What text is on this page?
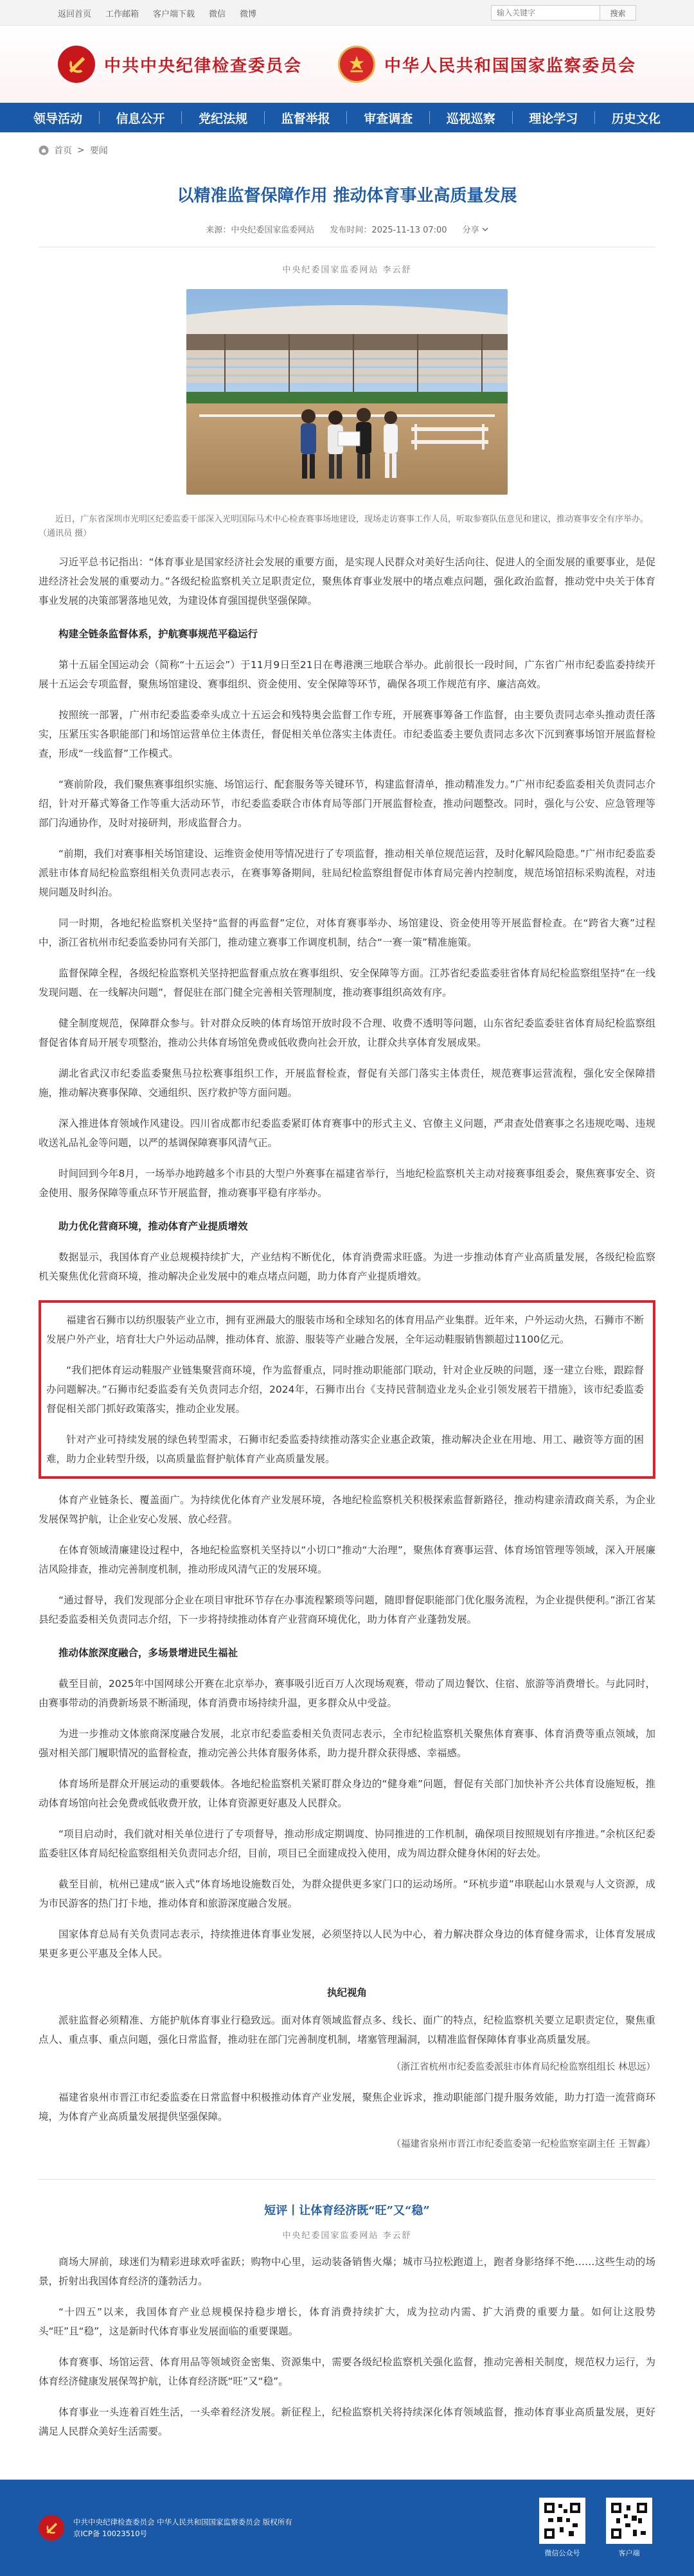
返回首页 工作邮箱 客户端下载 微信 微博
输入关键字	搜索
中共中央纪律检查委员会	中华人民共和国国家监察委员会
领导活动	信息公开	党纪法规	监督举报	审查调查	巡视巡察	理论学习	历史文化
首页 > 要闻
以精准监督保障作用 推动体育事业高质量发展
来源：中央纪委国家监委网站 发布时间：2025-11-13 07:00 分享
中央纪委国家监委网站 李云舒

近日，广东省深圳市光明区纪委监委干部深入光明国际马术中心检查赛事场地建设，现场走访赛事工作人员，听取参赛队伍意见和建议，推动赛事安全有序举办。（通讯员 摄）

习近平总书记指出：“体育事业是国家经济社会发展的重要方面，是实现人民群众对美好生活向往、促进人的全面发展的重要事业，是促进经济社会发展的重要动力。”各级纪检监察机关立足职责定位，聚焦体育事业发展中的堵点难点问题，强化政治监督，推动党中央关于体育事业发展的决策部署落地见效，为建设体育强国提供坚强保障。

构建全链条监督体系，护航赛事规范平稳运行

第十五届全国运动会（简称“十五运会”）于11月9日至21日在粤港澳三地联合举办。此前很长一段时间，广东省广州市纪委监委持续开展十五运会专项监督，聚焦场馆建设、赛事组织、资金使用、安全保障等环节，确保各项工作规范有序、廉洁高效。

按照统一部署，广州市纪委监委牵头成立十五运会和残特奥会监督工作专班，开展赛事筹备工作监督，由主要负责同志牵头推动责任落实，压紧压实各职能部门和场馆运营单位主体责任，督促相关单位落实主体责任。市纪委监委主要负责同志多次下沉到赛事场馆开展监督检查，形成“一线监督”工作模式。

“赛前阶段，我们聚焦赛事组织实施、场馆运行、配套服务等关键环节，构建监督清单，推动精准发力。”广州市纪委监委相关负责同志介绍，针对开幕式筹备工作等重大活动环节，市纪委监委联合市体育局等部门开展监督检查，推动问题整改。同时，强化与公安、应急管理等部门沟通协作，及时对接研判，形成监督合力。

“前期，我们对赛事相关场馆建设、运维资金使用等情况进行了专项监督，推动相关单位规范运营，及时化解风险隐患。”广州市纪委监委派驻市体育局纪检监察组相关负责同志表示，在赛事筹备期间，驻局纪检监察组督促市体育局完善内控制度，规范场馆招标采购流程，对违规问题及时纠治。

同一时期，各地纪检监察机关坚持“监督的再监督”定位，对体育赛事举办、场馆建设、资金使用等开展监督检查。在“跨省大赛”过程中，浙江省杭州市纪委监委协同有关部门，推动建立赛事工作调度机制，结合“一赛一策”精准施策。

监督保障全程，各级纪检监察机关坚持把监督重点放在赛事组织、安全保障等方面。江苏省纪委监委驻省体育局纪检监察组坚持“在一线发现问题、在一线解决问题”，督促驻在部门健全完善相关管理制度，推动赛事组织高效有序。

健全制度规范，保障群众参与。针对群众反映的体育场馆开放时段不合理、收费不透明等问题，山东省纪委监委驻省体育局纪检监察组督促省体育局开展专项整治，推动公共体育场馆免费或低收费向社会开放，让群众共享体育发展成果。

湖北省武汉市纪委监委聚焦马拉松赛事组织工作，开展监督检查，督促有关部门落实主体责任，规范赛事运营流程，强化安全保障措施，推动解决赛事保障、交通组织、医疗救护等方面问题。

深入推进体育领域作风建设。四川省成都市纪委监委紧盯体育赛事中的形式主义、官僚主义问题，严肃查处借赛事之名违规吃喝、违规收送礼品礼金等问题，以严的基调保障赛事风清气正。

时间回到今年8月，一场举办地跨越多个市县的大型户外赛事在福建省举行，当地纪检监察机关主动对接赛事组委会，聚焦赛事安全、资金使用、服务保障等重点环节开展监督，推动赛事平稳有序举办。

助力优化营商环境，推动体育产业提质增效

数据显示，我国体育产业总规模持续扩大，产业结构不断优化，体育消费需求旺盛。为进一步推动体育产业高质量发展，各级纪检监察机关聚焦优化营商环境，推动解决企业发展中的难点堵点问题，助力体育产业提质增效。

福建省石狮市以纺织服装产业立市，拥有亚洲最大的服装市场和全球知名的体育用品产业集群。近年来，户外运动火热，石狮市不断发展户外产业，培育壮大户外运动品牌，推动体育、旅游、服装等产业融合发展，全年运动鞋服销售额超过1100亿元。

“我们把体育运动鞋服产业链集聚营商环境，作为监督重点，同时推动职能部门联动，针对企业反映的问题，逐一建立台账，跟踪督办问题解决。”石狮市纪委监委有关负责同志介绍，2024年，石狮市出台《支持民营制造业龙头企业引领发展若干措施》，该市纪委监委督促相关部门抓好政策落实，推动企业发展。

针对产业可持续发展的绿色转型需求，石狮市纪委监委持续推动落实企业惠企政策，推动解决企业在用地、用工、融资等方面的困难，助力企业转型升级，以高质量监督护航体育产业高质量发展。

体育产业链条长、覆盖面广。为持续优化体育产业发展环境，各地纪检监察机关积极探索监督新路径，推动构建亲清政商关系，为企业发展保驾护航，让企业安心发展、放心经营。

在体育领域清廉建设过程中，各地纪检监察机关坚持以“小切口”推动“大治理”，聚焦体育赛事运营、体育场馆管理等领域，深入开展廉洁风险排查，推动完善制度机制，推动形成风清气正的发展环境。

“通过督导，我们发现部分企业在项目审批环节存在办事流程繁琐等问题，随即督促职能部门优化服务流程，为企业提供便利。”浙江省某县纪委监委相关负责同志介绍，下一步将持续推动体育产业营商环境优化，助力体育产业蓬勃发展。

推动体旅深度融合，多场景增进民生福祉

截至目前，2025年中国网球公开赛在北京举办，赛事吸引近百万人次现场观赛，带动了周边餐饮、住宿、旅游等消费增长。与此同时，由赛事带动的消费新场景不断涌现，体育消费市场持续升温，更多群众从中受益。

为进一步推动文体旅商深度融合发展，北京市纪委监委相关负责同志表示，全市纪检监察机关聚焦体育赛事、体育消费等重点领域，加强对相关部门履职情况的监督检查，推动完善公共体育服务体系，助力提升群众获得感、幸福感。

体育场所是群众开展运动的重要载体。各地纪检监察机关紧盯群众身边的“健身难”问题，督促有关部门加快补齐公共体育设施短板，推动体育场馆向社会免费或低收费开放，让体育资源更好惠及人民群众。

“项目启动时，我们就对相关单位进行了专项督导，推动形成定期调度、协同推进的工作机制，确保项目按照规划有序推进。”余杭区纪委监委驻区体育局纪检监察组相关负责同志介绍，目前，项目已全面建成投入使用，成为周边群众健身休闲的好去处。

截至目前，杭州已建成“嵌入式”体育场地设施数百处，为群众提供更多家门口的运动场所。“环杭步道”串联起山水景观与人文资源，成为市民游客的热门打卡地，推动体育和旅游深度融合发展。

国家体育总局有关负责同志表示，持续推进体育事业发展，必须坚持以人民为中心，着力解决群众身边的体育健身需求，让体育发展成果更多更公平惠及全体人民。

执纪视角

派驻监督必须精准、方能护航体育事业行稳致远。面对体育领域监督点多、线长、面广的特点，纪检监察机关要立足职责定位，聚焦重点人、重点事、重点问题，强化日常监督，推动驻在部门完善制度机制，堵塞管理漏洞，以精准监督保障体育事业高质量发展。

（浙江省杭州市纪委监委派驻市体育局纪检监察组组长 林思远）

福建省泉州市晋江市纪委监委在日常监督中积极推动体育产业发展，聚焦企业诉求，推动职能部门提升服务效能，助力打造一流营商环境，为体育产业高质量发展提供坚强保障。

（福建省泉州市晋江市纪委监委第一纪检监察室副主任 王智鑫）

短评丨让体育经济既“旺”又“稳”
中央纪委国家监委网站 李云舒

商场大屏前，球迷们为精彩进球欢呼雀跃；购物中心里，运动装备销售火爆；城市马拉松跑道上，跑者身影络绎不绝……这些生动的场景，折射出我国体育经济的蓬勃活力。

“十四五”以来，我国体育产业总规模保持稳步增长，体育消费持续扩大，成为拉动内需、扩大消费的重要力量。如何让这股势头“旺”且“稳”，这是新时代体育事业发展面临的重要课题。

体育赛事、场馆运营、体育用品等领域资金密集、资源集中，需要各级纪检监察机关强化监督，推动完善相关制度，规范权力运行，为体育经济健康发展保驾护航，让体育经济既“旺”又“稳”。

体育事业一头连着百姓生活，一头牵着经济发展。新征程上，纪检监察机关将持续深化体育领域监督，推动体育事业高质量发展，更好满足人民群众美好生活需要。

中共中央纪律检查委员会 中华人民共和国国家监察委员会 版权所有
京ICP备 10023510号
微信公众号	客户端
